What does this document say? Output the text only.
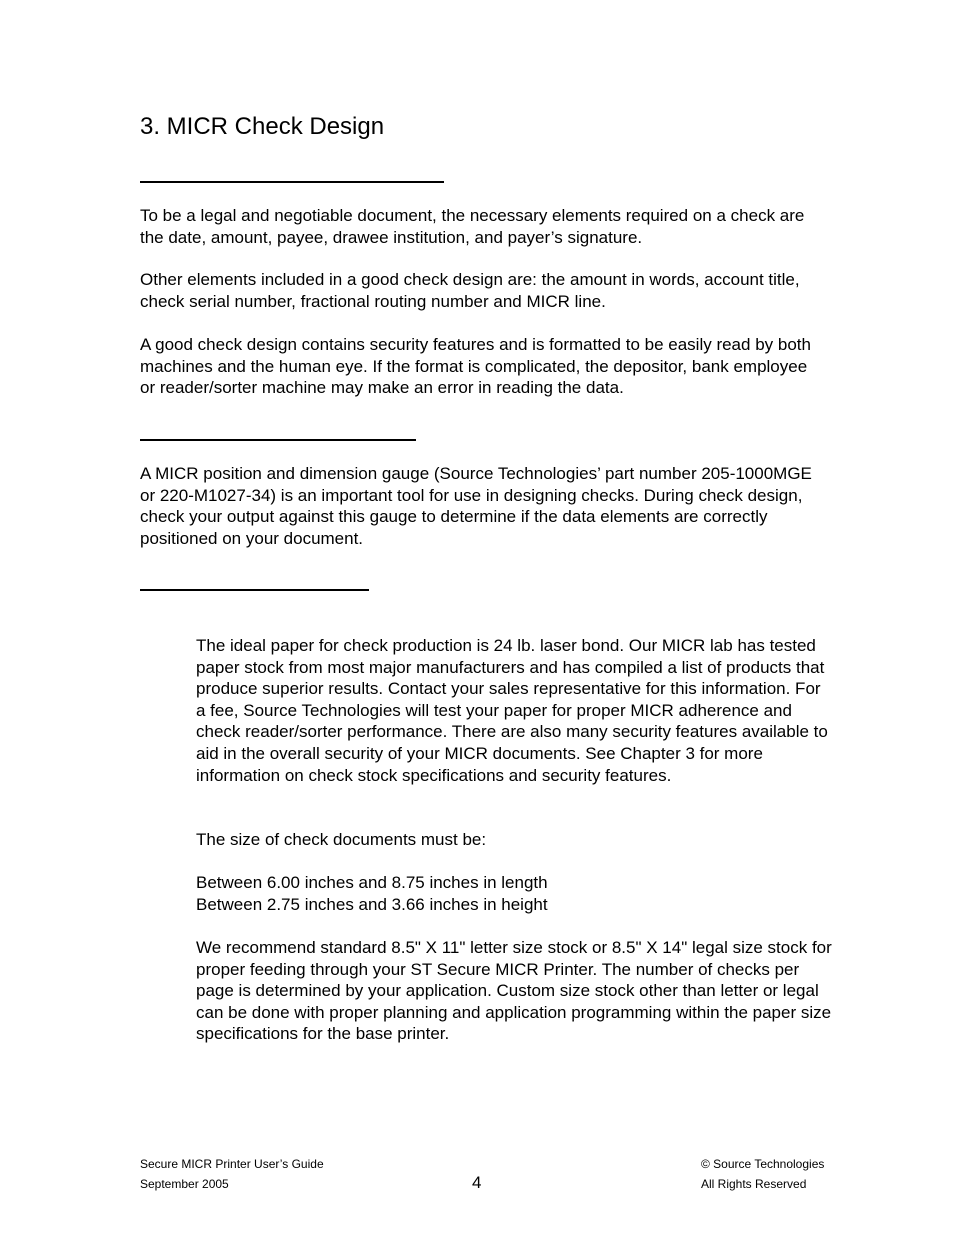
3. MICR Check Design
To be a legal and negotiable document, the necessary elements required on a check are
the date, amount, payee, drawee institution, and payer’s signature.
Other elements included in a good check design are: the amount in words, account title,
check serial number, fractional routing number and MICR line.
A good check design contains security features and is formatted to be easily read by both
machines and the human eye. If the format is complicated, the depositor, bank employee
or reader/sorter machine may make an error in reading the data.
A MICR position and dimension gauge (Source Technologies’ part number 205-1000MGE
or 220-M1027-34) is an important tool for use in designing checks. During check design,
check your output against this gauge to determine if the data elements are correctly
positioned on your document.
The ideal paper for check production is 24 lb. laser bond. Our MICR lab has tested
paper stock from most major manufacturers and has compiled a list of products that
produce superior results. Contact your sales representative for this information. For
a fee, Source Technologies will test your paper for proper MICR adherence and
check reader/sorter performance. There are also many security features available to
aid in the overall security of your MICR documents. See Chapter 3 for more
information on check stock specifications and security features.
The size of check documents must be:
Between 6.00 inches and 8.75 inches in length
Between 2.75 inches and 3.66 inches in height
We recommend standard 8.5" X 11" letter size stock or 8.5" X 14" legal size stock for
proper feeding through your ST Secure MICR Printer. The number of checks per
page is determined by your application. Custom size stock other than letter or legal
can be done with proper planning and application programming within the paper size
specifications for the base printer.
Secure MICR Printer User’s Guide
September 2005	4
© Source Technologies
All Rights Reserved
